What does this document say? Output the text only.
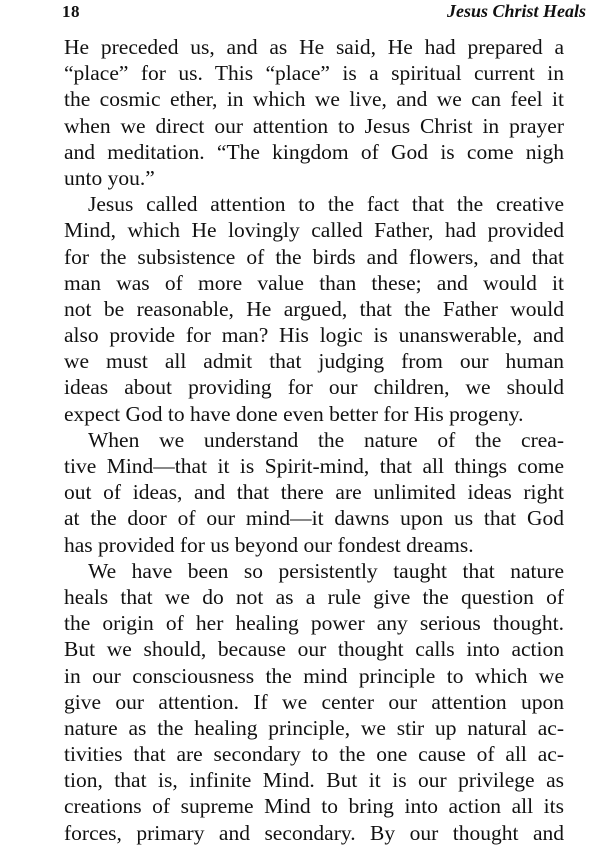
18	Jesus Christ Heals
He preceded us, and as He said, He had prepared a
“place” for us. This “place” is a spiritual current in
the cosmic ether, in which we live, and we can feel it
when we direct our attention to Jesus Christ in prayer
and meditation. “The kingdom of God is come nigh
unto you.”
Jesus called attention to the fact that the creative
Mind, which He lovingly called Father, had provided
for the subsistence of the birds and flowers, and that
man was of more value than these; and would it
not be reasonable, He argued, that the Father would
also provide for man? His logic is unanswerable, and
we must all admit that judging from our human
ideas about providing for our children, we should
expect God to have done even better for His progeny.
When we understand the nature of the crea-
tive Mind—that it is Spirit-mind, that all things come
out of ideas, and that there are unlimited ideas right
at the door of our mind—it dawns upon us that God
has provided for us beyond our fondest dreams.
We have been so persistently taught that nature
heals that we do not as a rule give the question of
the origin of her healing power any serious thought.
But we should, because our thought calls into action
in our consciousness the mind principle to which we
give our attention. If we center our attention upon
nature as the healing principle, we stir up natural ac-
tivities that are secondary to the one cause of all ac-
tion, that is, infinite Mind. But it is our privilege as
creations of supreme Mind to bring into action all its
forces, primary and secondary. By our thought and
